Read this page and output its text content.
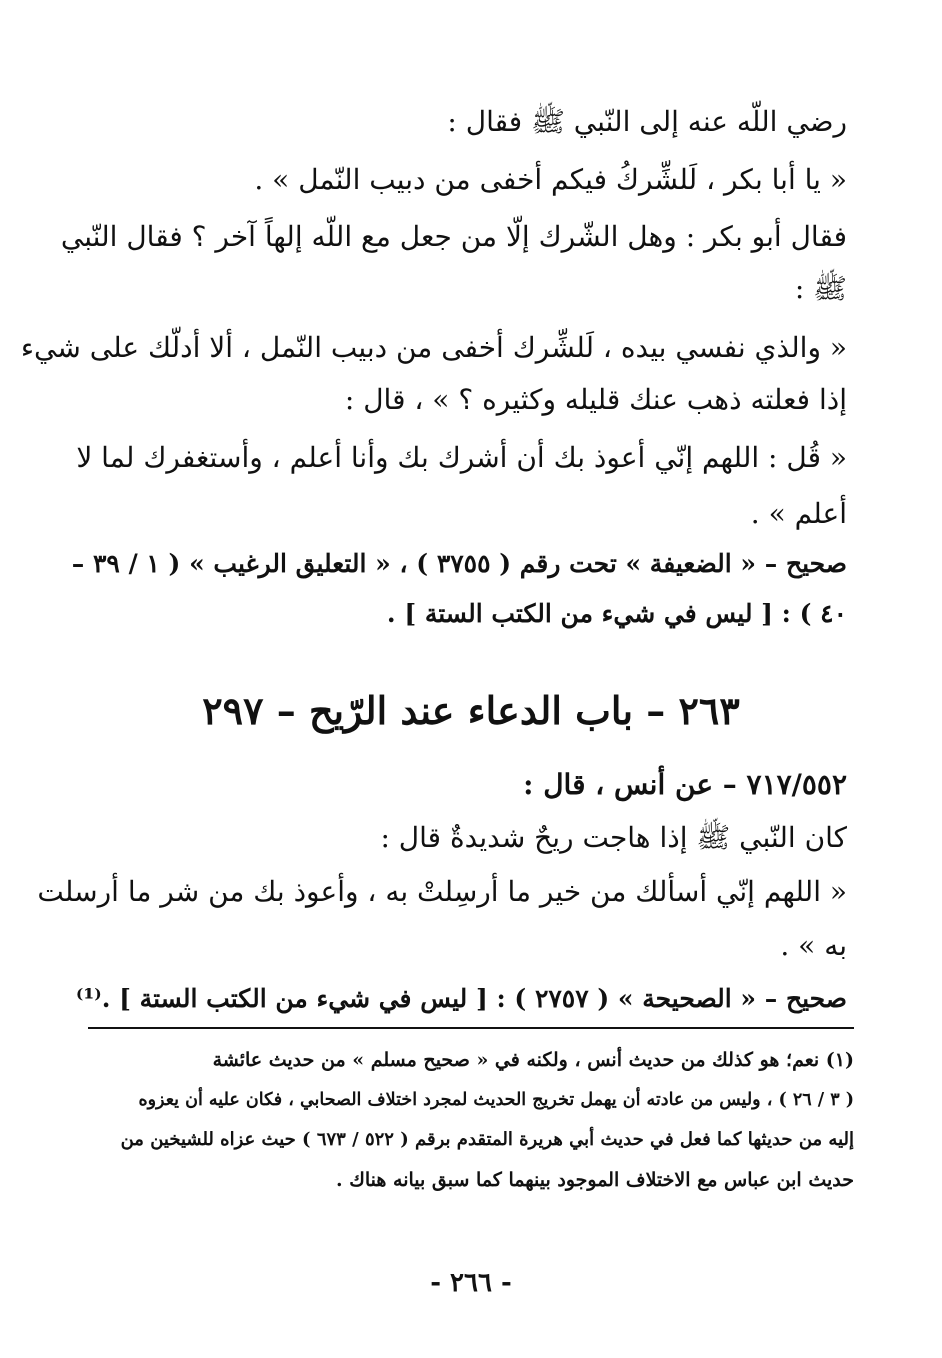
رضي اللّه عنه إلى النّبي ﷺ فقال :
« يا أبا بكر ، لَلشِّركُ فيكم أخفى من دبيب النّمل » .
فقال أبو بكر : وهل الشّرك إلّا من جعل مع اللّه إلهاً آخر ؟ فقال النّبي
ﷺ :
« والذي نفسي بيده ، لَلشِّرك أخفى من دبيب النّمل ، ألا أدلّك على شيء
إذا فعلته ذهب عنك قليله وكثيره ؟ » ، قال :
« قُل : اللهم إنّي أعوذ بك أن أشرك بك وأنا أعلم ، وأستغفرك لما لا
أعلم » .
صحيح – « الضعيفة » تحت رقم ( ٣٧٥٥ ) ، « التعليق الرغيب » ( ١ / ٣٩ –
٤٠ ) : [ ليس في شيء من الكتب الستة ] .
٢٦٣ – باب الدعاء عند الرّيح – ٢٩٧
٧١٧/٥٥٢ – عن أنس ، قال :
كان النّبي ﷺ إذا هاجت ريحٌ شديدةٌ قال :
« اللهم إنّي أسألك من خير ما أرسِلتْ به ، وأعوذ بك من شر ما أرسلت
به » .
صحيح – « الصحيحة » ( ٢٧٥٧ ) : [ ليس في شيء من الكتب الستة ] .⁽¹⁾
(١) نعم؛ هو كذلك من حديث أنس ، ولكنه في « صحيح مسلم » من حديث عائشة
( ٣ / ٢٦ ) ، وليس من عادته أن يهمل تخريج الحديث لمجرد اختلاف الصحابي ، فكان عليه أن يعزوه
إليه من حديثها كما فعل في حديث أبي هريرة المتقدم برقم ( ٥٢٢ / ٦٧٣ ) حيث عزاه للشيخين من
حديث ابن عباس مع الاختلاف الموجود بينهما كما سبق بيانه هناك .
- ٢٦٦ -
